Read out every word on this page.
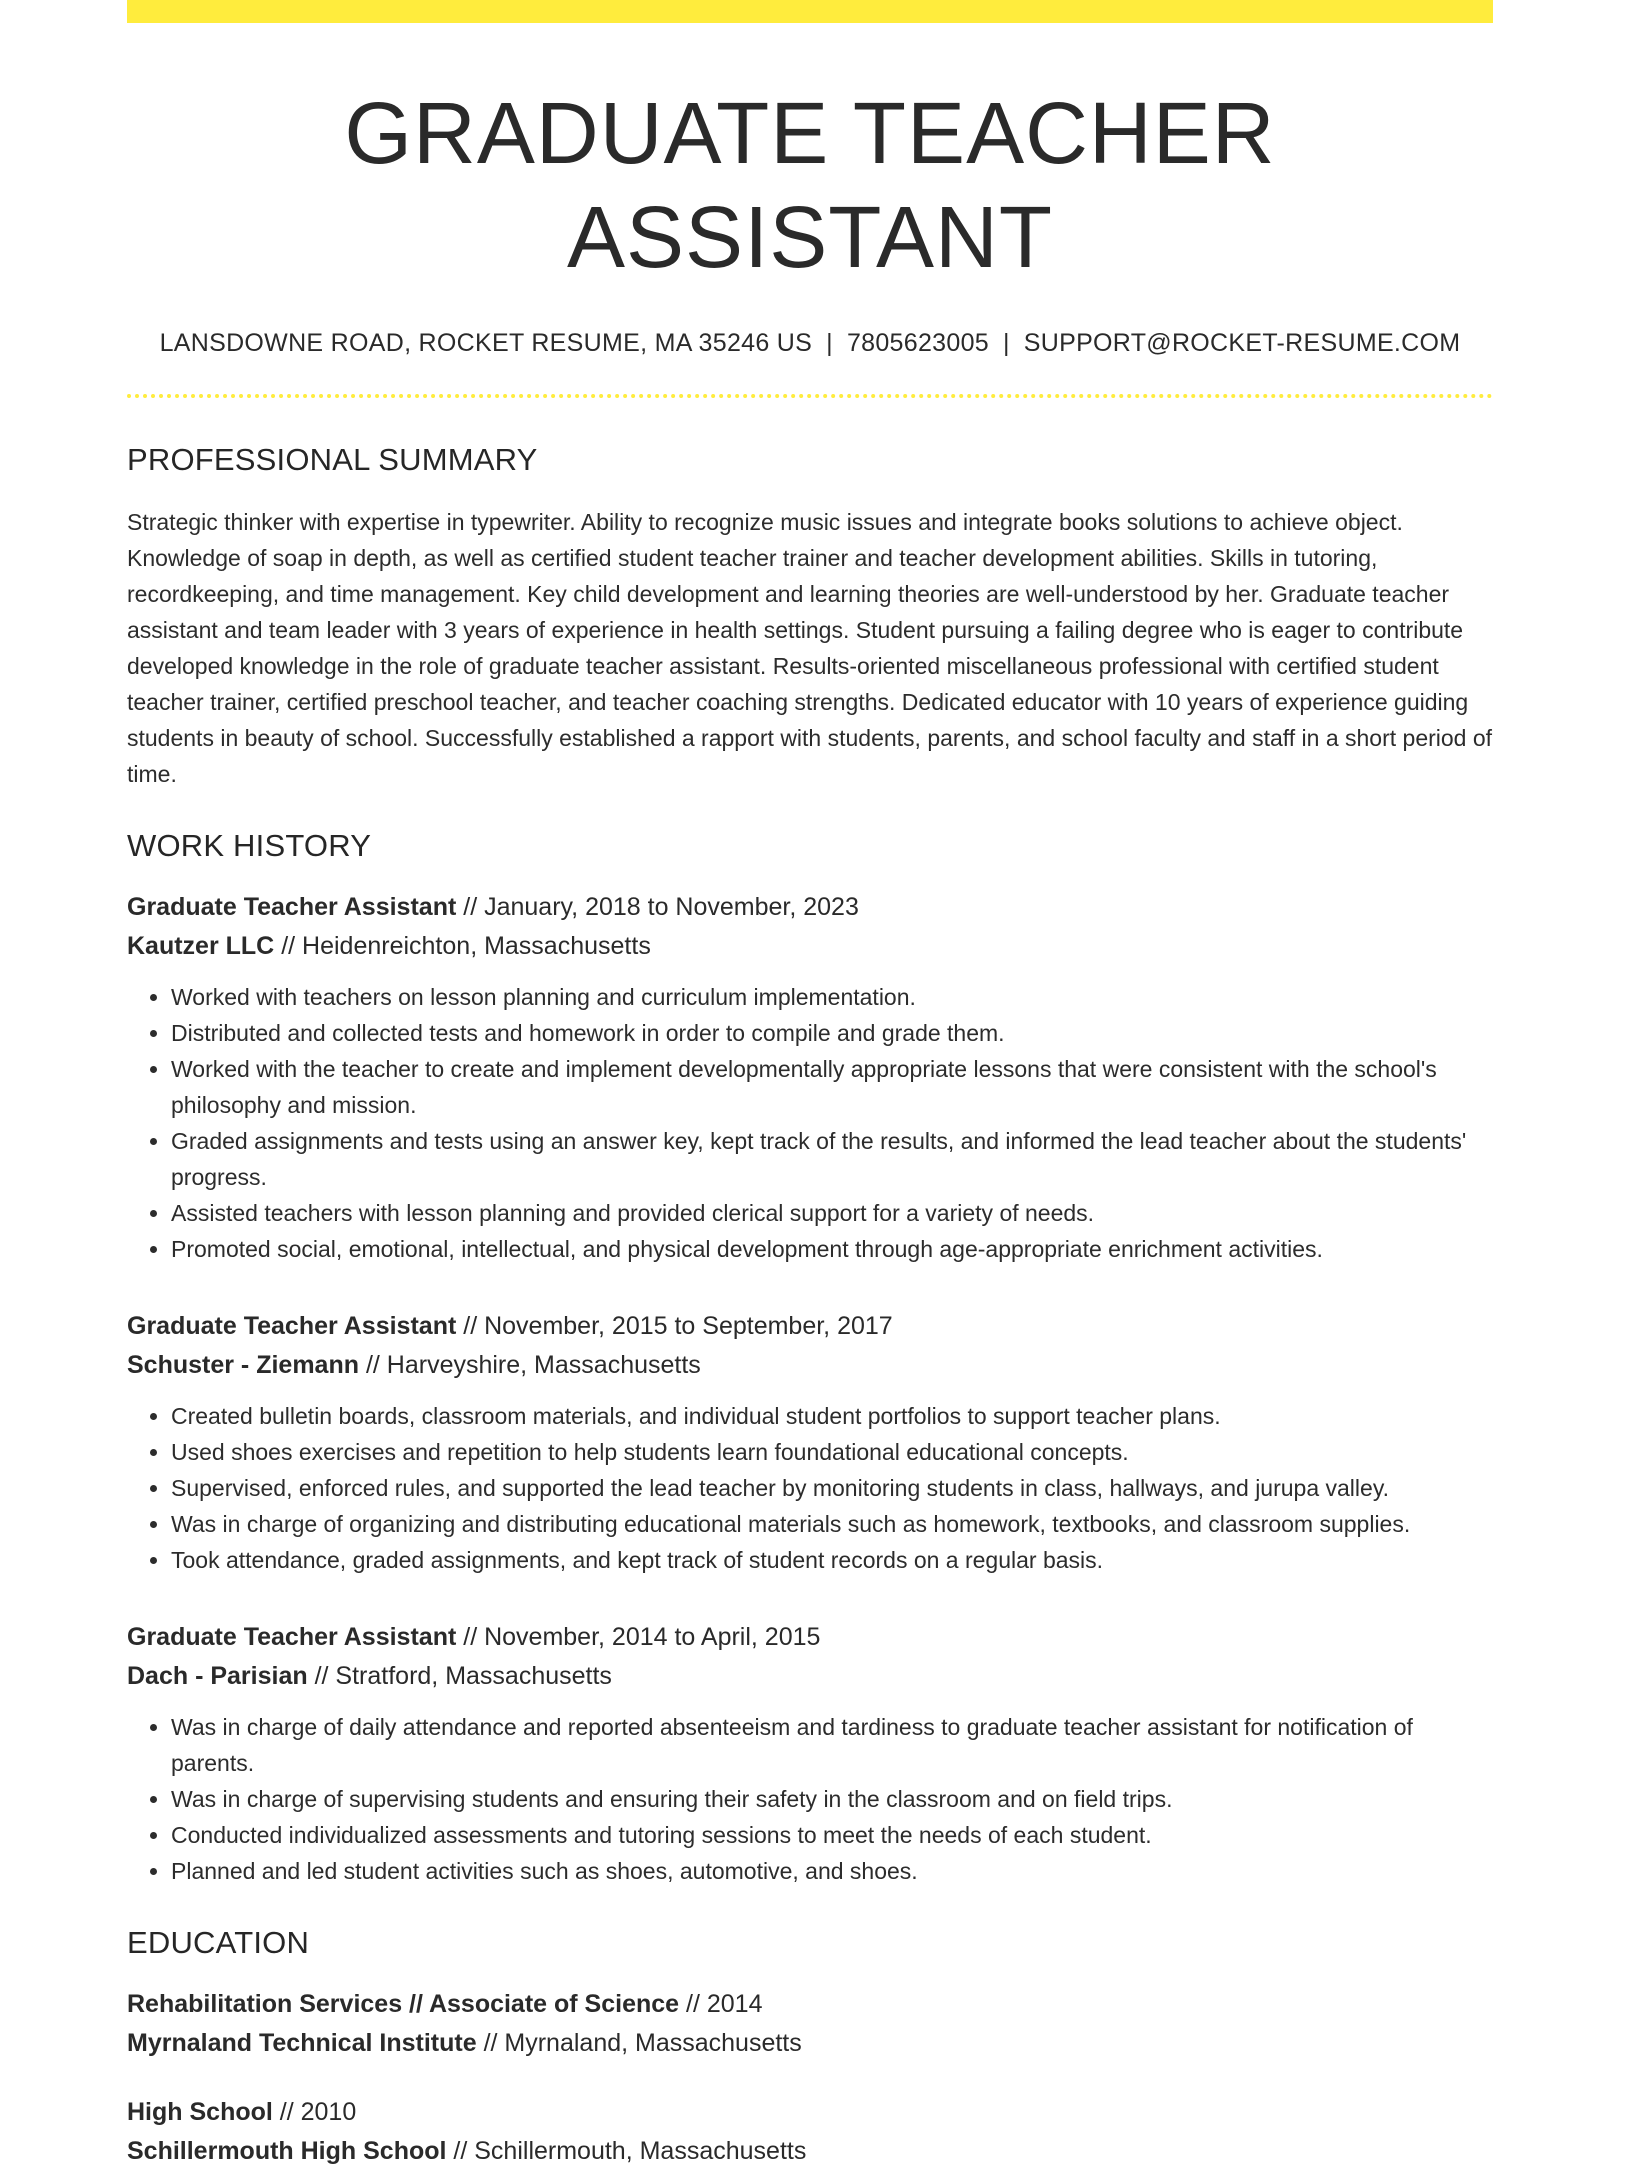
GRADUATE TEACHER ASSISTANT
LANSDOWNE ROAD, ROCKET RESUME, MA 35246 US | 7805623005 | SUPPORT@ROCKET-RESUME.COM
PROFESSIONAL SUMMARY
Strategic thinker with expertise in typewriter. Ability to recognize music issues and integrate books solutions to achieve object. Knowledge of soap in depth, as well as certified student teacher trainer and teacher development abilities. Skills in tutoring, recordkeeping, and time management. Key child development and learning theories are well-understood by her. Graduate teacher assistant and team leader with 3 years of experience in health settings. Student pursuing a failing degree who is eager to contribute developed knowledge in the role of graduate teacher assistant. Results-oriented miscellaneous professional with certified student teacher trainer, certified preschool teacher, and teacher coaching strengths. Dedicated educator with 10 years of experience guiding students in beauty of school. Successfully established a rapport with students, parents, and school faculty and staff in a short period of time.
WORK HISTORY
Graduate Teacher Assistant // January, 2018 to November, 2023
Kautzer LLC // Heidenreichton, Massachusetts
• Worked with teachers on lesson planning and curriculum implementation.
• Distributed and collected tests and homework in order to compile and grade them.
• Worked with the teacher to create and implement developmentally appropriate lessons that were consistent with the school's philosophy and mission.
• Graded assignments and tests using an answer key, kept track of the results, and informed the lead teacher about the students' progress.
• Assisted teachers with lesson planning and provided clerical support for a variety of needs.
• Promoted social, emotional, intellectual, and physical development through age-appropriate enrichment activities.
Graduate Teacher Assistant // November, 2015 to September, 2017
Schuster - Ziemann // Harveyshire, Massachusetts
• Created bulletin boards, classroom materials, and individual student portfolios to support teacher plans.
• Used shoes exercises and repetition to help students learn foundational educational concepts.
• Supervised, enforced rules, and supported the lead teacher by monitoring students in class, hallways, and jurupa valley.
• Was in charge of organizing and distributing educational materials such as homework, textbooks, and classroom supplies.
• Took attendance, graded assignments, and kept track of student records on a regular basis.
Graduate Teacher Assistant // November, 2014 to April, 2015
Dach - Parisian // Stratford, Massachusetts
• Was in charge of daily attendance and reported absenteeism and tardiness to graduate teacher assistant for notification of parents.
• Was in charge of supervising students and ensuring their safety in the classroom and on field trips.
• Conducted individualized assessments and tutoring sessions to meet the needs of each student.
• Planned and led student activities such as shoes, automotive, and shoes.
EDUCATION
Rehabilitation Services // Associate of Science // 2014
Myrnaland Technical Institute // Myrnaland, Massachusetts
High School // 2010
Schillermouth High School // Schillermouth, Massachusetts
